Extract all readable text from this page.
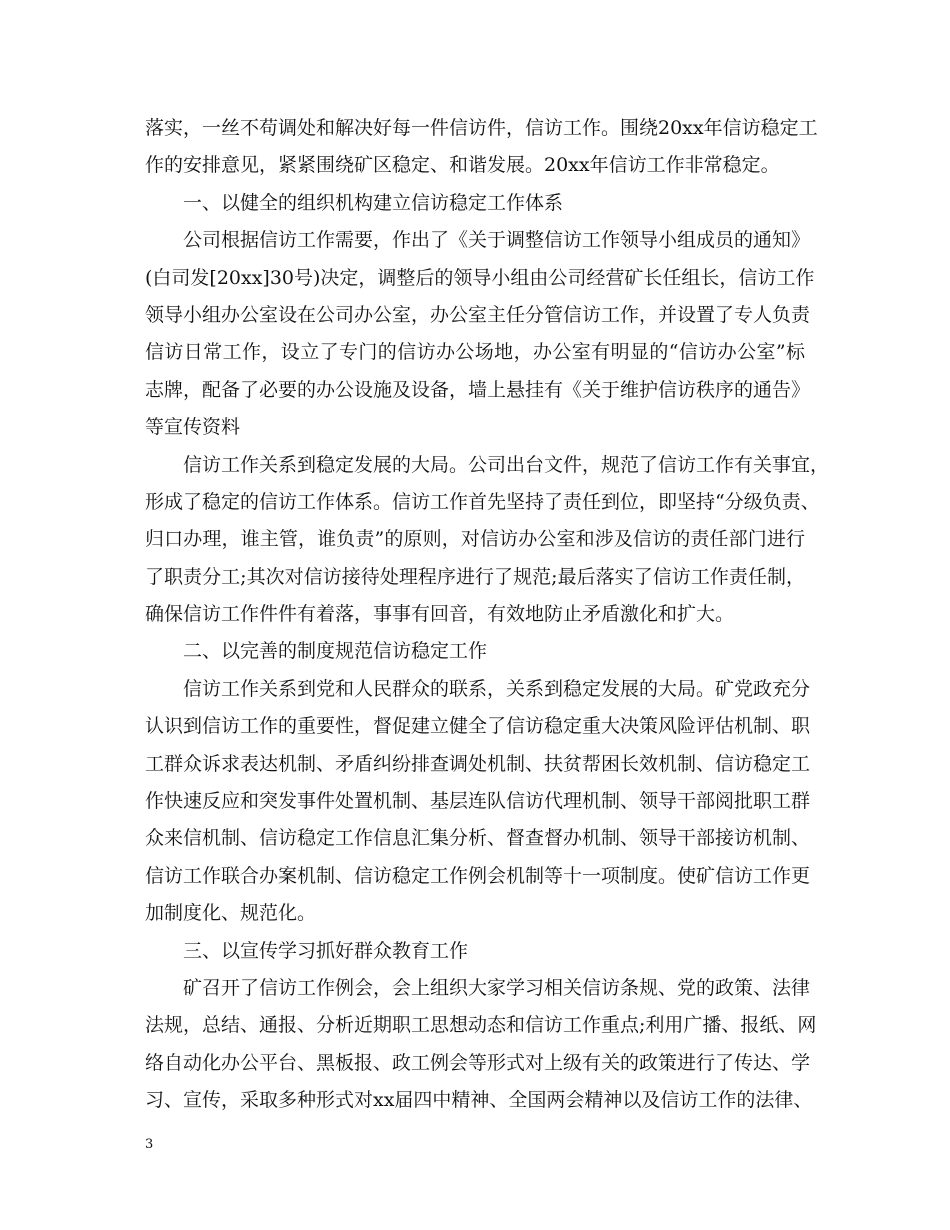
落实，一丝不苟调处和解决好每一件信访件，信访工作。围绕20xx年信访稳定工
作的安排意见，紧紧围绕矿区稳定、和谐发展。20xx年信访工作非常稳定。
一、以健全的组织机构建立信访稳定工作体系
公司根据信访工作需要，作出了《关于调整信访工作领导小组成员的通知》
(白司发[20xx]30号)决定，调整后的领导小组由公司经营矿长任组长，信访工作
领导小组办公室设在公司办公室，办公室主任分管信访工作，并设置了专人负责
信访日常工作，设立了专门的信访办公场地，办公室有明显的“信访办公室”标
志牌，配备了必要的办公设施及设备，墙上悬挂有《关于维护信访秩序的通告》
等宣传资料
信访工作关系到稳定发展的大局。公司出台文件，规范了信访工作有关事宜，
形成了稳定的信访工作体系。信访工作首先坚持了责任到位，即坚持“分级负责、
归口办理，谁主管，谁负责”的原则，对信访办公室和涉及信访的责任部门进行
了职责分工;其次对信访接待处理程序进行了规范;最后落实了信访工作责任制，
确保信访工作件件有着落，事事有回音，有效地防止矛盾激化和扩大。
二、以完善的制度规范信访稳定工作
信访工作关系到党和人民群众的联系，关系到稳定发展的大局。矿党政充分
认识到信访工作的重要性，督促建立健全了信访稳定重大决策风险评估机制、职
工群众诉求表达机制、矛盾纠纷排查调处机制、扶贫帮困长效机制、信访稳定工
作快速反应和突发事件处置机制、基层连队信访代理机制、领导干部阅批职工群
众来信机制、信访稳定工作信息汇集分析、督查督办机制、领导干部接访机制、
信访工作联合办案机制、信访稳定工作例会机制等十一项制度。使矿信访工作更
加制度化、规范化。
三、以宣传学习抓好群众教育工作
矿召开了信访工作例会，会上组织大家学习相关信访条规、党的政策、法律
法规，总结、通报、分析近期职工思想动态和信访工作重点;利用广播、报纸、网
络自动化办公平台、黑板报、政工例会等形式对上级有关的政策进行了传达、学
习、宣传，采取多种形式对xx届四中精神、全国两会精神以及信访工作的法律、
3
